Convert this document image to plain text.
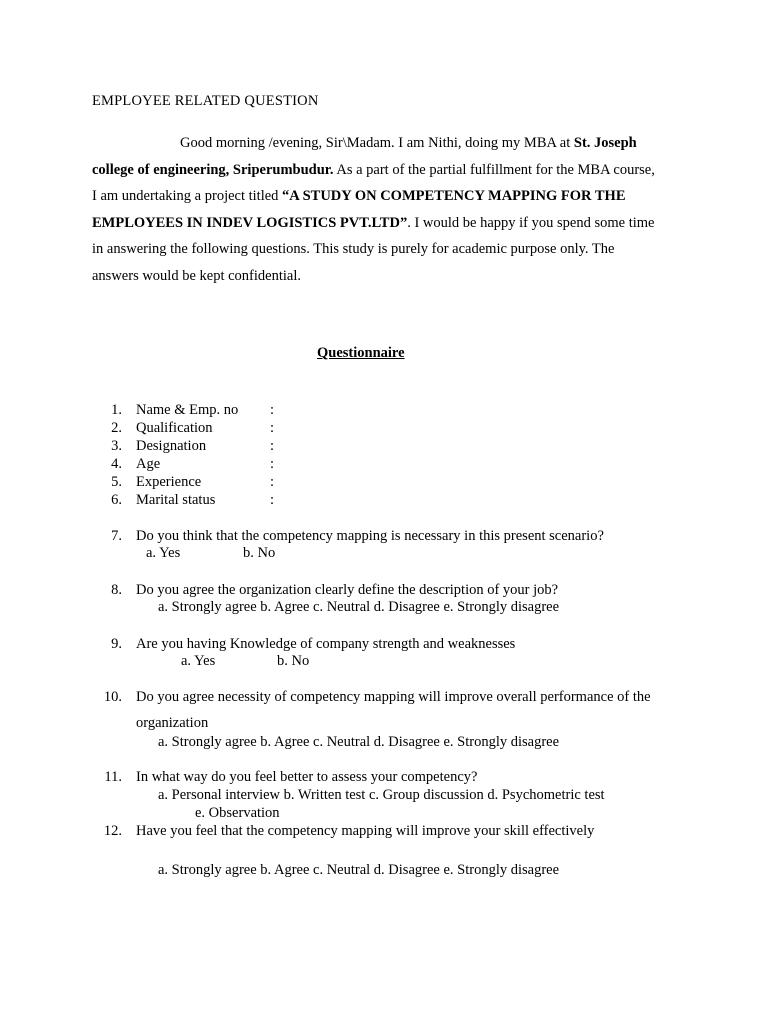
EMPLOYEE RELATED QUESTION
Good morning /evening, Sir\Madam. I am Nithi, doing my MBA at St. Joseph
college of engineering, Sriperumbudur. As a part of the partial fulfillment for the MBA course,
I am undertaking a project titled “A STUDY ON COMPETENCY MAPPING FOR THE
EMPLOYEES IN INDEV LOGISTICS PVT.LTD”. I would be happy if you spend some time
in answering the following questions. This study is purely for academic purpose only. The
answers would be kept confidential.
Questionnaire
1. Name & Emp. no :
2. Qualification	:
3. Designation	:
4. Age	:
5. Experience	:
6. Marital status	:
7. Do you think that the competency mapping is necessary in this present scenario?
a. Yes	b. No
8. Do you agree the organization clearly define the description of your job?
a. Strongly agree b. Agree c. Neutral d. Disagree e. Strongly disagree
9. Are you having Knowledge of company strength and weaknesses
a. Yes	b. No
10. Do you agree necessity of competency mapping will improve overall performance of the
organization
a. Strongly agree b. Agree c. Neutral d. Disagree e. Strongly disagree
11. In what way do you feel better to assess your competency?
a. Personal interview b. Written test c. Group discussion d. Psychometric test
e. Observation
12. Have you feel that the competency mapping will improve your skill effectively
a. Strongly agree b. Agree c. Neutral d. Disagree e. Strongly disagree
